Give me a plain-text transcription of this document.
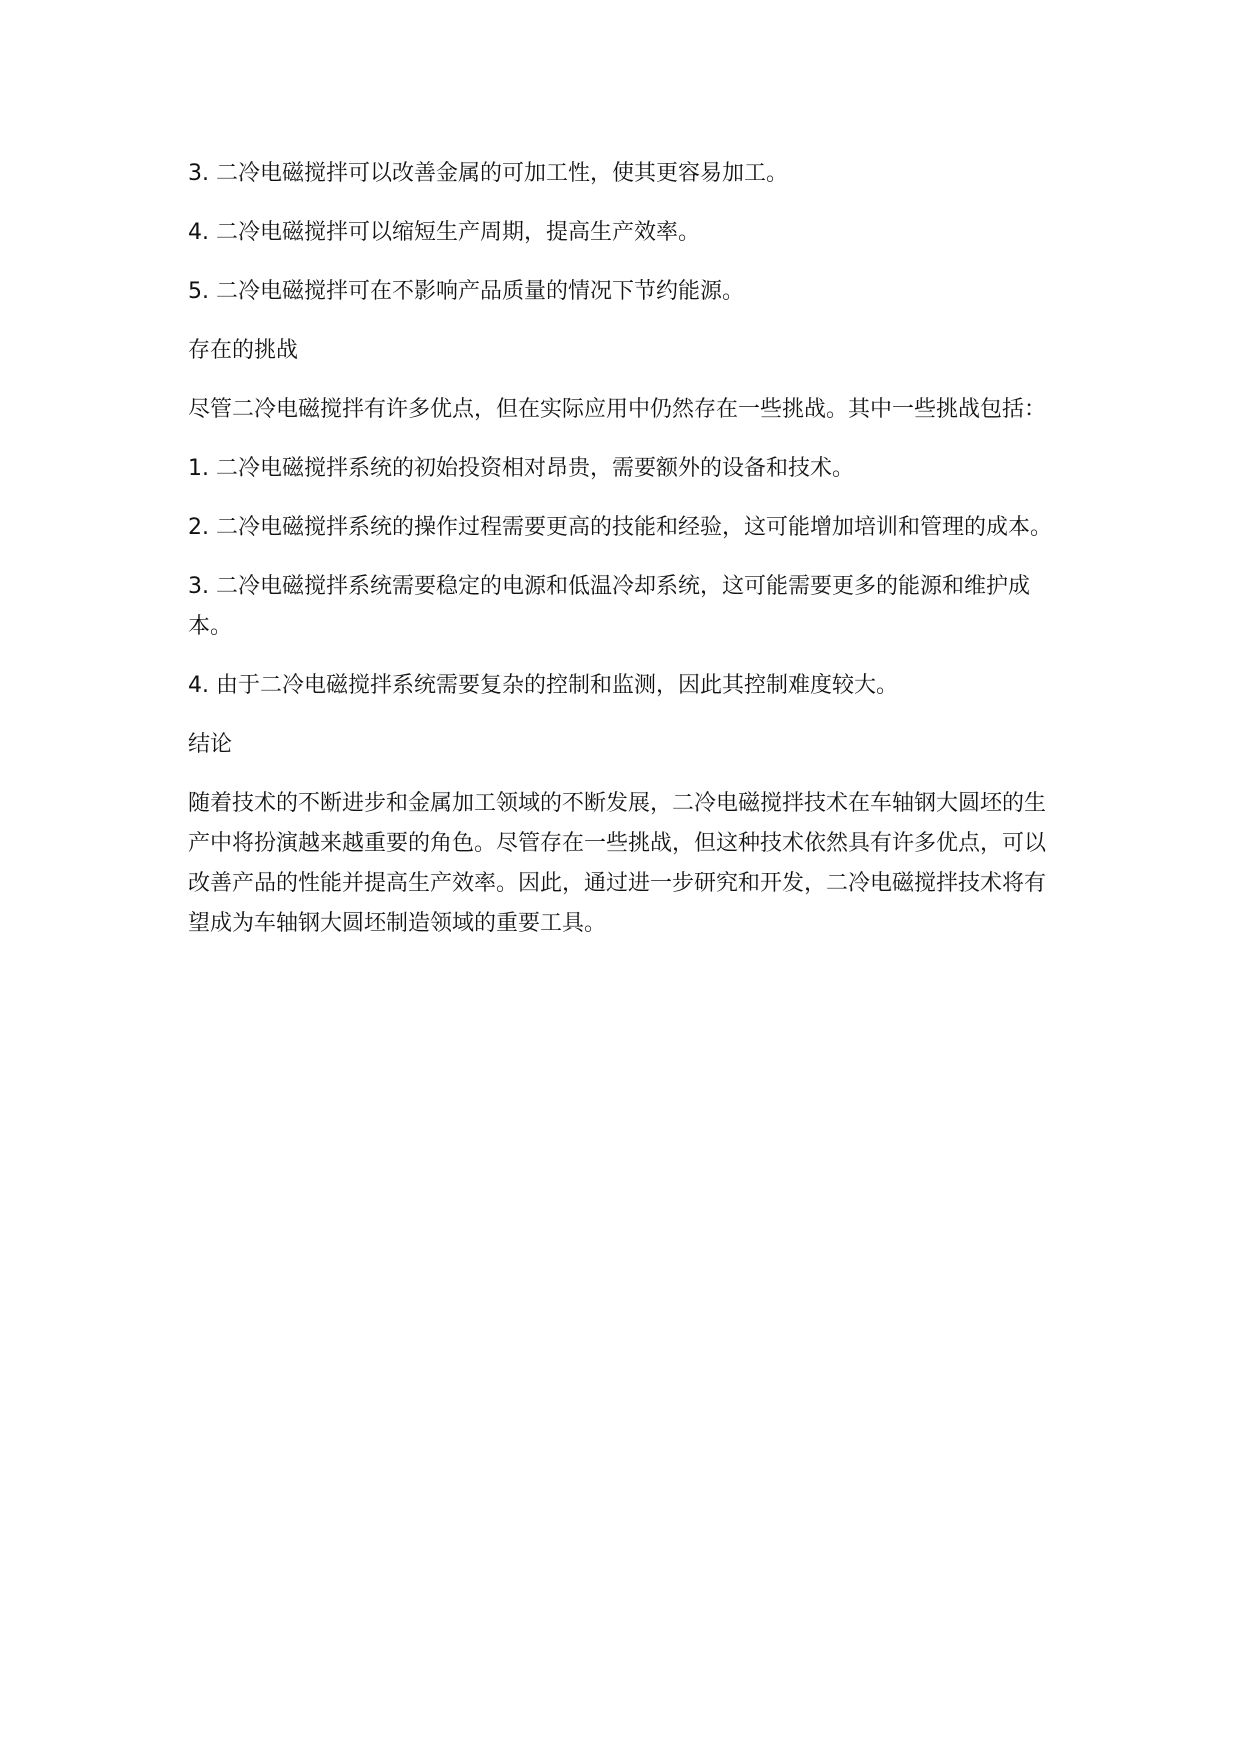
3. 二冷电磁搅拌可以改善金属的可加工性，使其更容易加工。

4. 二冷电磁搅拌可以缩短生产周期，提高生产效率。

5. 二冷电磁搅拌可在不影响产品质量的情况下节约能源。

存在的挑战

尽管二冷电磁搅拌有许多优点，但在实际应用中仍然存在一些挑战。其中一些挑战包括：

1. 二冷电磁搅拌系统的初始投资相对昂贵，需要额外的设备和技术。

2. 二冷电磁搅拌系统的操作过程需要更高的技能和经验，这可能增加培训和管理的成本。

3. 二冷电磁搅拌系统需要稳定的电源和低温冷却系统，这可能需要更多的能源和维护成本。

4. 由于二冷电磁搅拌系统需要复杂的控制和监测，因此其控制难度较大。

结论

随着技术的不断进步和金属加工领域的不断发展，二冷电磁搅拌技术在车轴钢大圆坯的生产中将扮演越来越重要的角色。尽管存在一些挑战，但这种技术依然具有许多优点，可以改善产品的性能并提高生产效率。因此，通过进一步研究和开发，二冷电磁搅拌技术将有望成为车轴钢大圆坯制造领域的重要工具。
